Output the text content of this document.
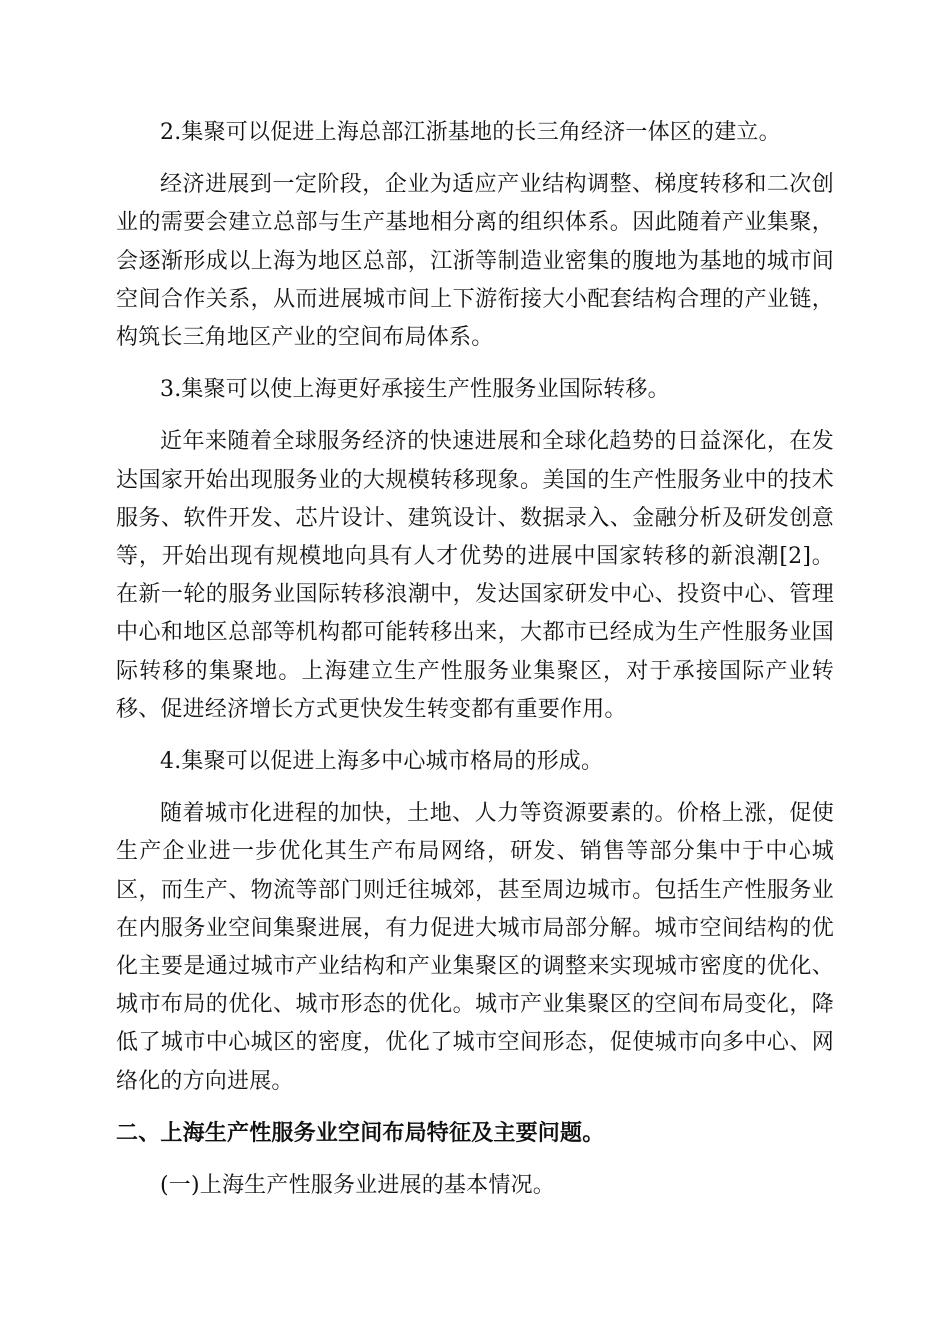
2.集聚可以促进上海总部江浙基地的长三角经济一体区的建立。

经济进展到一定阶段，企业为适应产业结构调整、梯度转移和二次创业的需要会建立总部与生产基地相分离的组织体系。因此随着产业集聚，会逐渐形成以上海为地区总部，江浙等制造业密集的腹地为基地的城市间空间合作关系，从而进展城市间上下游衔接大小配套结构合理的产业链，构筑长三角地区产业的空间布局体系。

3.集聚可以使上海更好承接生产性服务业国际转移。

近年来随着全球服务经济的快速进展和全球化趋势的日益深化，在发达国家开始出现服务业的大规模转移现象。美国的生产性服务业中的技术服务、软件开发、芯片设计、建筑设计、数据录入、金融分析及研发创意等，开始出现有规模地向具有人才优势的进展中国家转移的新浪潮[2]。在新一轮的服务业国际转移浪潮中，发达国家研发中心、投资中心、管理中心和地区总部等机构都可能转移出来，大都市已经成为生产性服务业国际转移的集聚地。上海建立生产性服务业集聚区，对于承接国际产业转移、促进经济增长方式更快发生转变都有重要作用。

4.集聚可以促进上海多中心城市格局的形成。

随着城市化进程的加快，土地、人力等资源要素的。价格上涨，促使生产企业进一步优化其生产布局网络，研发、销售等部分集中于中心城区，而生产、物流等部门则迁往城郊，甚至周边城市。包括生产性服务业在内服务业空间集聚进展，有力促进大城市局部分解。城市空间结构的优化主要是通过城市产业结构和产业集聚区的调整来实现城市密度的优化、城市布局的优化、城市形态的优化。城市产业集聚区的空间布局变化，降低了城市中心城区的密度，优化了城市空间形态，促使城市向多中心、网络化的方向进展。

二、上海生产性服务业空间布局特征及主要问题。

(一)上海生产性服务业进展的基本情况。
